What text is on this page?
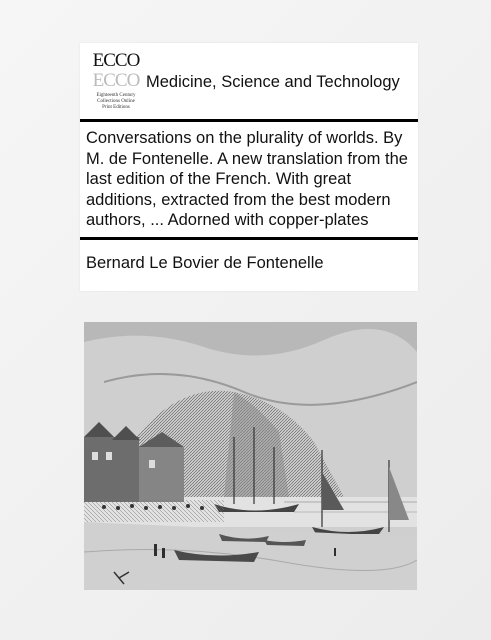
ECCO
ECCO
Eighteenth Century
Collections Online
Print Editions
Medicine, Science and Technology
Conversations on the plurality of worlds. By M. de Fontenelle. A new translation from the last edition of the French. With great additions, extracted from the best modern authors, ... Adorned with copper-plates
Bernard Le Bovier de Fontenelle
